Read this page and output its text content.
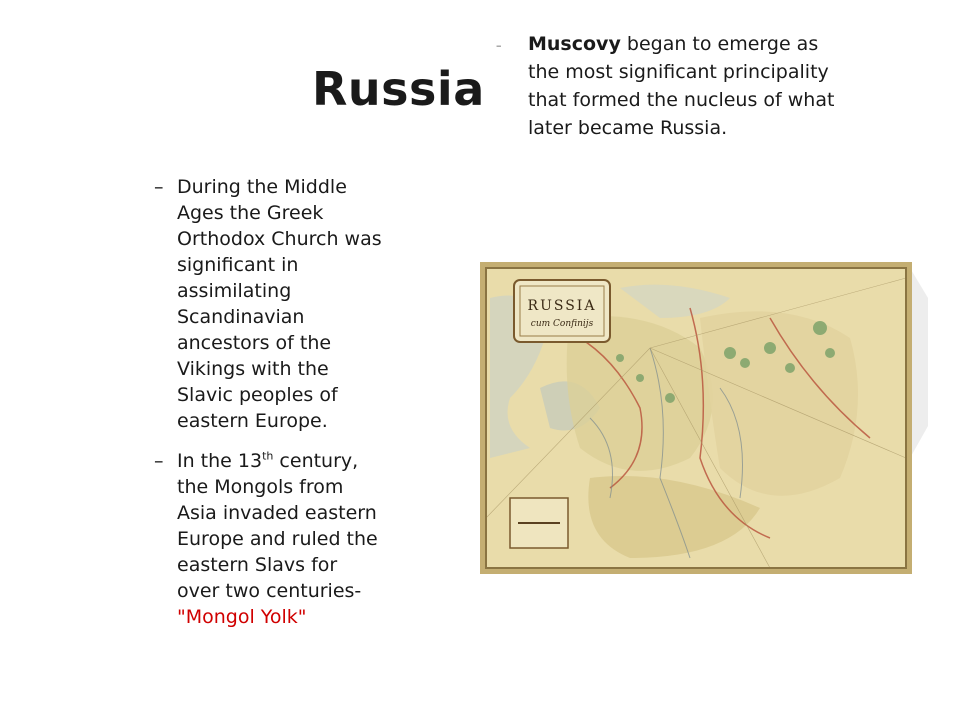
Russia
– Muscovy began to emerge as the most significant principality that formed the nucleus of what later became Russia.
– During the Middle Ages the Greek Orthodox Church was significant in assimilating Scandinavian ancestors of the Vikings with the Slavic peoples of eastern Europe.
– In the 13th century, the Mongols from Asia invaded eastern Europe and ruled the eastern Slavs for over two centuries- "Mongol Yolk"
RUSSIA
cum Confinijs
